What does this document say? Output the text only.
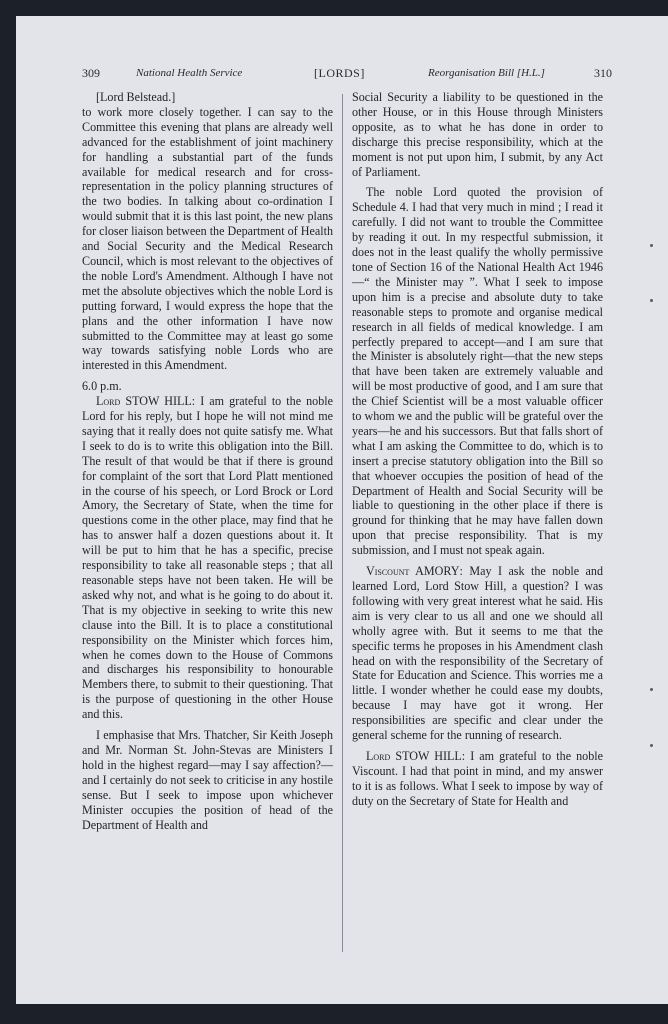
309	National Health Service	[LORDS]	Reorganisation Bill [H.L.]	310

[Lord Belstead.]

to work more closely together. I can say to the Committee this evening that plans are already well advanced for the establishment of joint machinery for handling a substantial part of the funds available for medical research and for cross-representation in the policy planning structures of the two bodies. In talking about co-ordination I would submit that it is this last point, the new plans for closer liaison between the Department of Health and Social Security and the Medical Research Council, which is most relevant to the objectives of the noble Lord's Amendment. Although I have not met the absolute objectives which the noble Lord is putting forward, I would express the hope that the plans and the other information I have now submitted to the Committee may at least go some way towards satisfying noble Lords who are interested in this Amendment.

6.0 p.m.

Lord STOW HILL: I am grateful to the noble Lord for his reply, but I hope he will not mind me saying that it really does not quite satisfy me. What I seek to do is to write this obligation into the Bill. The result of that would be that if there is ground for complaint of the sort that Lord Platt mentioned in the course of his speech, or Lord Brock or Lord Amory, the Secretary of State, when the time for questions come in the other place, may find that he has to answer half a dozen questions about it. It will be put to him that he has a specific, precise responsibility to take all reasonable steps ; that all reasonable steps have not been taken. He will be asked why not, and what is he going to do about it. That is my objective in seeking to write this new clause into the Bill. It is to place a constitutional responsibility on the Minister which forces him, when he comes down to the House of Commons and discharges his responsibility to honourable Members there, to submit to their questioning. That is the purpose of questioning in the other House and this.

I emphasise that Mrs. Thatcher, Sir Keith Joseph and Mr. Norman St. John-Stevas are Ministers I hold in the highest regard—may I say affection?—and I certainly do not seek to criticise in any hostile sense. But I seek to impose upon whichever Minister occupies the position of head of the Department of Health and

Social Security a liability to be questioned in the other House, or in this House through Ministers opposite, as to what he has done in order to discharge this precise responsibility, which at the moment is not put upon him, I submit, by any Act of Parliament.

The noble Lord quoted the provision of Schedule 4. I had that very much in mind ; I read it carefully. I did not want to trouble the Committee by reading it out. In my respectful submission, it does not in the least qualify the wholly permissive tone of Section 16 of the National Health Act 1946—“ the Minister may ”. What I seek to impose upon him is a precise and absolute duty to take reasonable steps to promote and organise medical research in all fields of medical knowledge. I am perfectly prepared to accept—and I am sure that the Minister is absolutely right—that the new steps that have been taken are extremely valuable and will be most productive of good, and I am sure that the Chief Scientist will be a most valuable officer to whom we and the public will be grateful over the years—he and his successors. But that falls short of what I am asking the Committee to do, which is to insert a precise statutory obligation into the Bill so that whoever occupies the position of head of the Department of Health and Social Security will be liable to questioning in the other place if there is ground for thinking that he may have fallen down upon that precise responsibility. That is my submission, and I must not speak again.

Viscount AMORY: May I ask the noble and learned Lord, Lord Stow Hill, a question? I was following with very great interest what he said. His aim is very clear to us all and one we should all wholly agree with. But it seems to me that the specific terms he proposes in his Amendment clash head on with the responsibility of the Secretary of State for Education and Science. This worries me a little. I wonder whether he could ease my doubts, because I may have got it wrong. Her responsibilities are specific and clear under the general scheme for the running of research.

Lord STOW HILL: I am grateful to the noble Viscount. I had that point in mind, and my answer to it is as follows. What I seek to impose by way of duty on the Secretary of State for Health and
